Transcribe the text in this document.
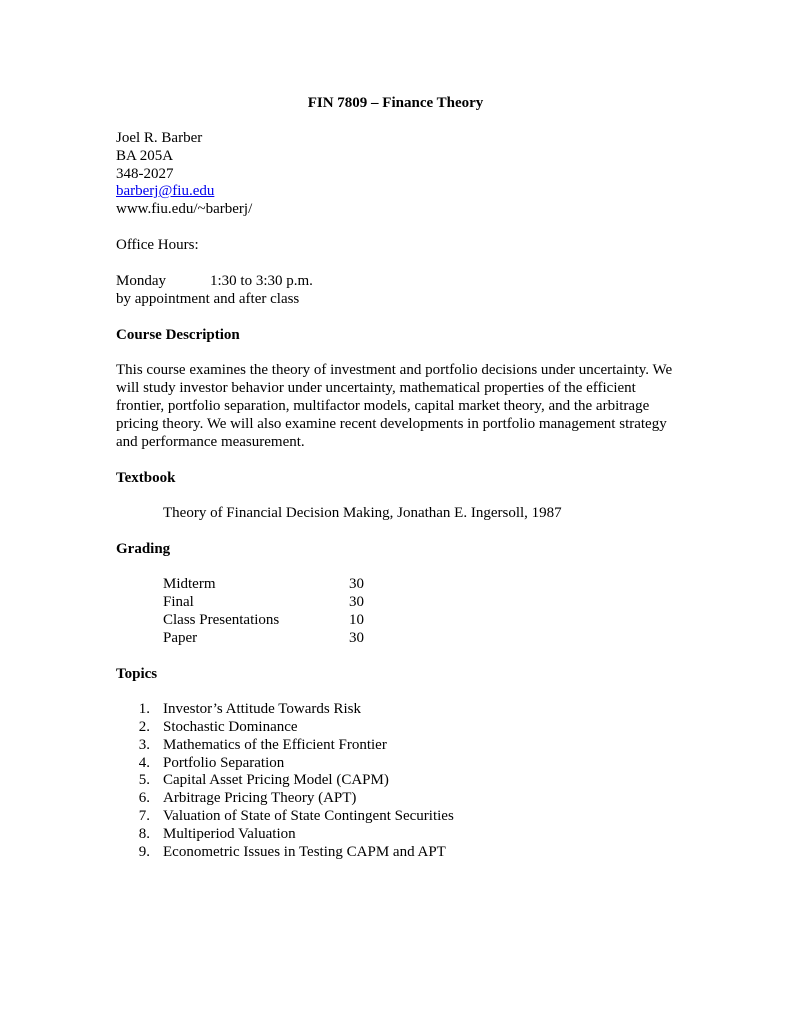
FIN 7809 – Finance Theory
Joel R. Barber
BA 205A
348-2027
barberj@fiu.edu
www.fiu.edu/~barberj/
Office Hours:
Monday	1:30 to 3:30 p.m.
by appointment and after class
Course Description
This course examines the theory of investment and portfolio decisions under uncertainty. We will study investor behavior under uncertainty, mathematical properties of the efficient frontier, portfolio separation, multifactor models, capital market theory, and the arbitrage pricing theory. We will also examine recent developments in portfolio management strategy and performance measurement.
Textbook
Theory of Financial Decision Making, Jonathan E. Ingersoll, 1987
Grading
Midterm	30
Final	30
Class Presentations	10
Paper	30
Topics
1. Investor’s Attitude Towards Risk
2. Stochastic Dominance
3. Mathematics of the Efficient Frontier
4. Portfolio Separation
5. Capital Asset Pricing Model (CAPM)
6. Arbitrage Pricing Theory (APT)
7. Valuation of State of State Contingent Securities
8. Multiperiod Valuation
9. Econometric Issues in Testing CAPM and APT
